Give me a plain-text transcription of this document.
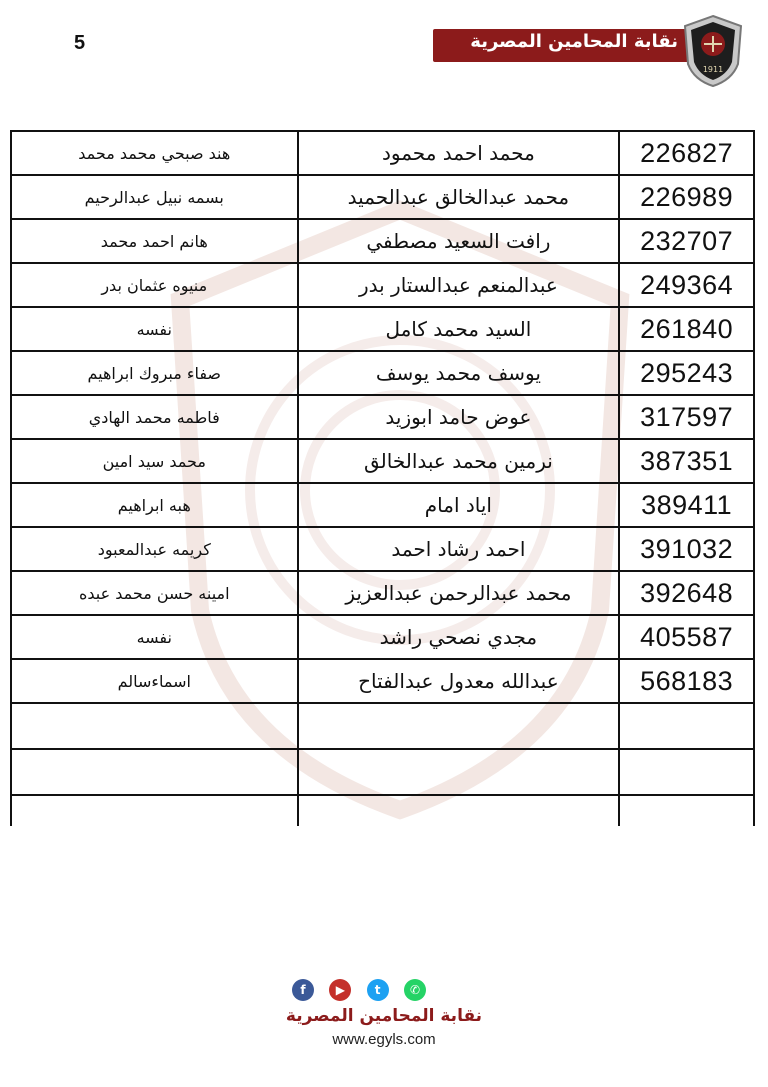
5	نقابة المحامين المصرية
1911
هند صبحي محمد محمد	محمد احمد محمود	226827
بسمه نبيل عبدالرحيم	محمد عبدالخالق عبدالحميد	226989
هانم احمد محمد	رافت السعيد مصطفي	232707
منيوه عثمان بدر	عبدالمنعم عبدالستار بدر	249364
نفسه	السيد محمد كامل	261840
صفاء مبروك ابراهيم	يوسف محمد يوسف	295243
فاطمه محمد الهادي	عوض حامد ابوزيد	317597
محمد سيد امين	نرمين محمد عبدالخالق	387351
هبه ابراهيم	اياد امام	389411
كريمه عبدالمعبود	احمد رشاد احمد	391032
امينه حسن محمد عبده	محمد عبدالرحمن عبدالعزيز	392648
نفسه	مجدي نصحي راشد	405587
اسماءسالم	عبدالله معدول عبدالفتاح	568183

f	▶	t	✆
نقابة المحامين المصرية
www.egyls.com
